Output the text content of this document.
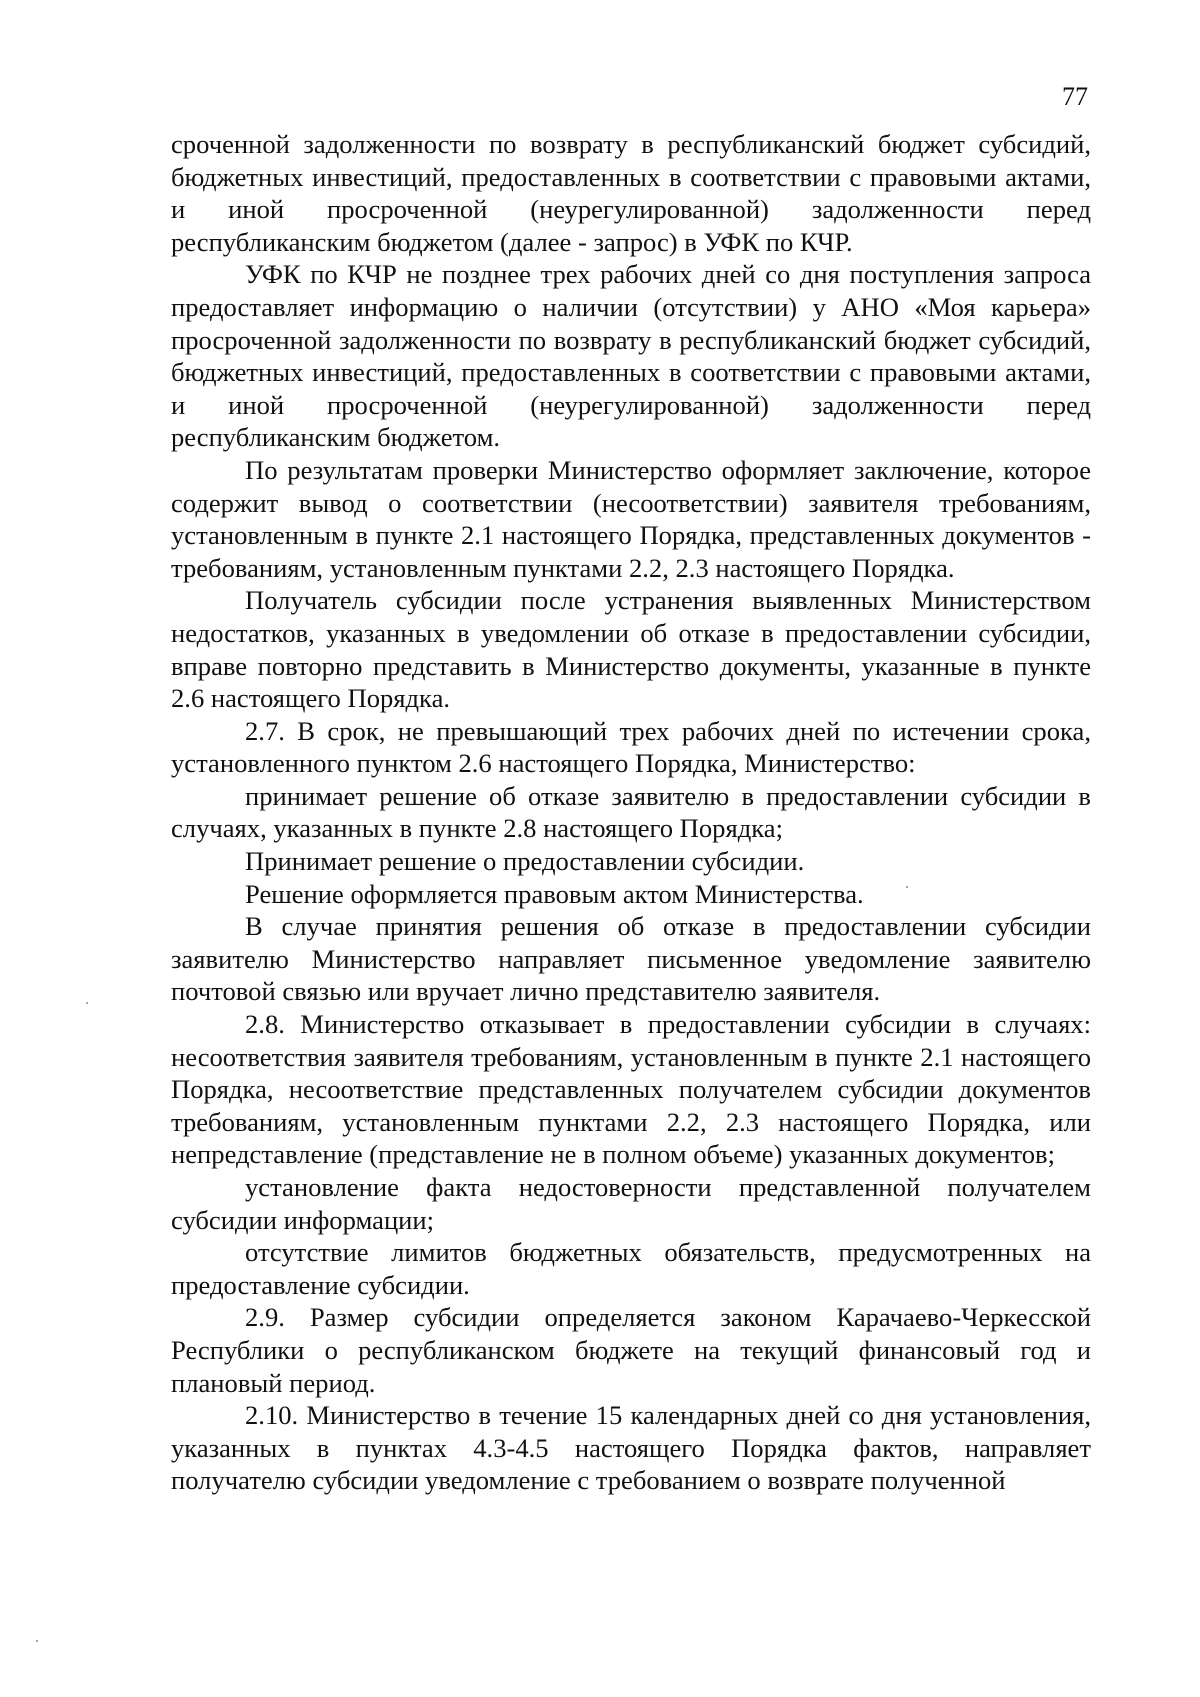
77

сроченной задолженности по возврату в республиканский бюджет субсидий, бюджетных инвестиций, предоставленных в соответствии с правовыми актами, и иной просроченной (неурегулированной) задолженности перед республиканским бюджетом (далее - запрос) в УФК по КЧР.

УФК по КЧР не позднее трех рабочих дней со дня поступления запроса предоставляет информацию о наличии (отсутствии) у АНО «Моя карьера» просроченной задолженности по возврату в республиканский бюджет субсидий, бюджетных инвестиций, предоставленных в соответствии с правовыми актами, и иной просроченной (неурегулированной) задолженности перед республиканским бюджетом.

По результатам проверки Министерство оформляет заключение, которое содержит вывод о соответствии (несоответствии) заявителя требованиям, установленным в пункте 2.1 настоящего Порядка, представленных документов - требованиям, установленным пунктами 2.2, 2.3 настоящего Порядка.

Получатель субсидии после устранения выявленных Министерством недостатков, указанных в уведомлении об отказе в предоставлении субсидии, вправе повторно представить в Министерство документы, указанные в пункте 2.6 настоящего Порядка.

2.7. В срок, не превышающий трех рабочих дней по истечении срока, установленного пунктом 2.6 настоящего Порядка, Министерство:

принимает решение об отказе заявителю в предоставлении субсидии в случаях, указанных в пункте 2.8 настоящего Порядка;

Принимает решение о предоставлении субсидии.

Решение оформляется правовым актом Министерства.

В случае принятия решения об отказе в предоставлении субсидии заявителю Министерство направляет письменное уведомление заявителю почтовой связью или вручает лично представителю заявителя.

2.8. Министерство отказывает в предоставлении субсидии в случаях: несоответствия заявителя требованиям, установленным в пункте 2.1 настоящего Порядка, несоответствие представленных получателем субсидии документов требованиям, установленным пунктами 2.2, 2.3 настоящего Порядка, или непредставление (представление не в полном объеме) указанных документов;

установление факта недостоверности представленной получателем субсидии информации;

отсутствие лимитов бюджетных обязательств, предусмотренных на предоставление субсидии.

2.9. Размер субсидии определяется законом Карачаево-Черкесской Республики о республиканском бюджете на текущий финансовый год и плановый период.

2.10. Министерство в течение 15 календарных дней со дня установления, указанных в пунктах 4.3-4.5 настоящего Порядка фактов, направляет получателю субсидии уведомление с требованием о возврате полученной
